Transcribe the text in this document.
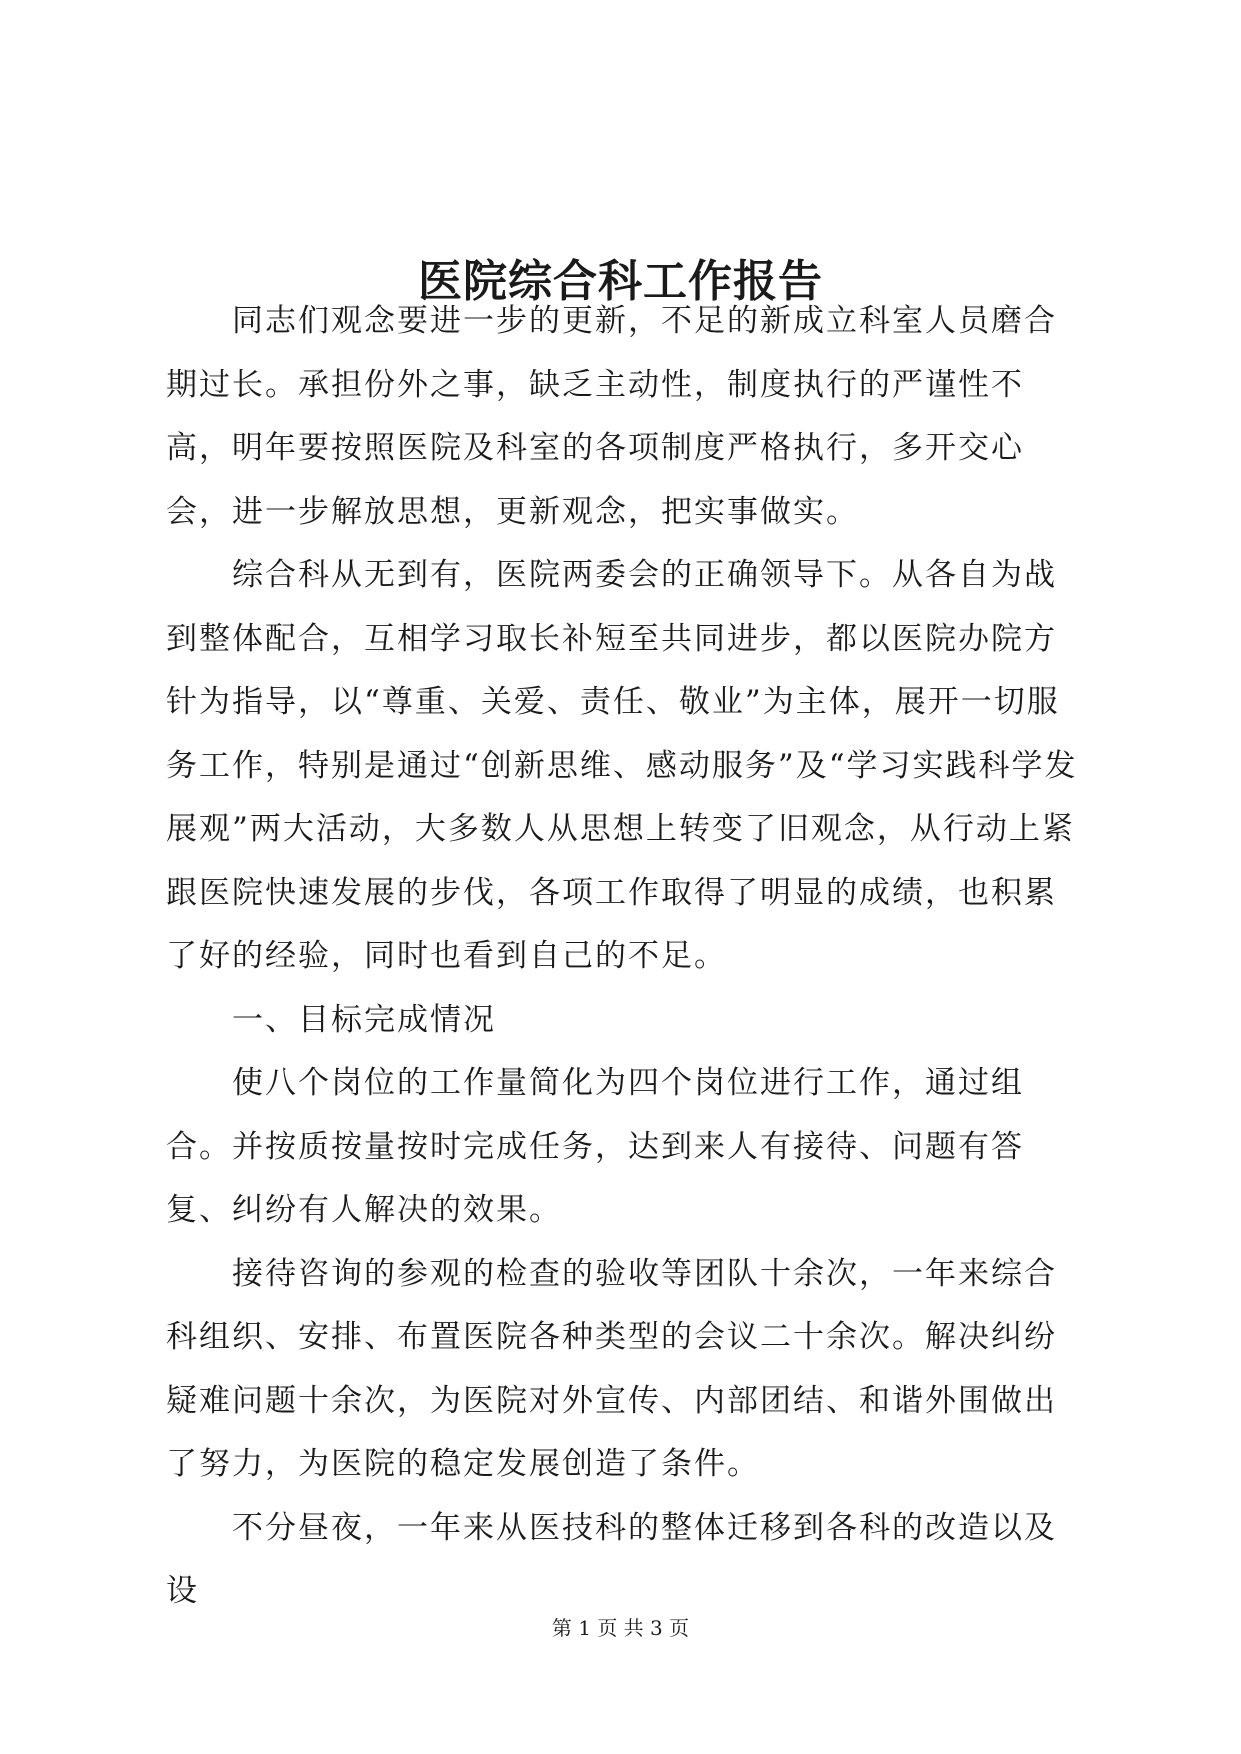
医院综合科工作报告

同志们观念要进一步的更新，不足的新成立科室人员磨合期过长。承担份外之事，缺乏主动性，制度执行的严谨性不高，明年要按照医院及科室的各项制度严格执行，多开交心会，进一步解放思想，更新观念，把实事做实。

综合科从无到有，医院两委会的正确领导下。从各自为战到整体配合，互相学习取长补短至共同进步，都以医院办院方针为指导，以“尊重、关爱、责任、敬业”为主体，展开一切服务工作，特别是通过“创新思维、感动服务”及“学习实践科学发展观”两大活动，大多数人从思想上转变了旧观念，从行动上紧跟医院快速发展的步伐，各项工作取得了明显的成绩，也积累了好的经验，同时也看到自己的不足。

一、目标完成情况

使八个岗位的工作量简化为四个岗位进行工作，通过组合。并按质按量按时完成任务，达到来人有接待、问题有答复、纠纷有人解决的效果。

接待咨询的参观的检查的验收等团队十余次，一年来综合科组织、安排、布置医院各种类型的会议二十余次。解决纠纷疑难问题十余次，为医院对外宣传、内部团结、和谐外围做出了努力，为医院的稳定发展创造了条件。

不分昼夜，一年来从医技科的整体迁移到各科的改造以及设

第 1 页 共 3 页
